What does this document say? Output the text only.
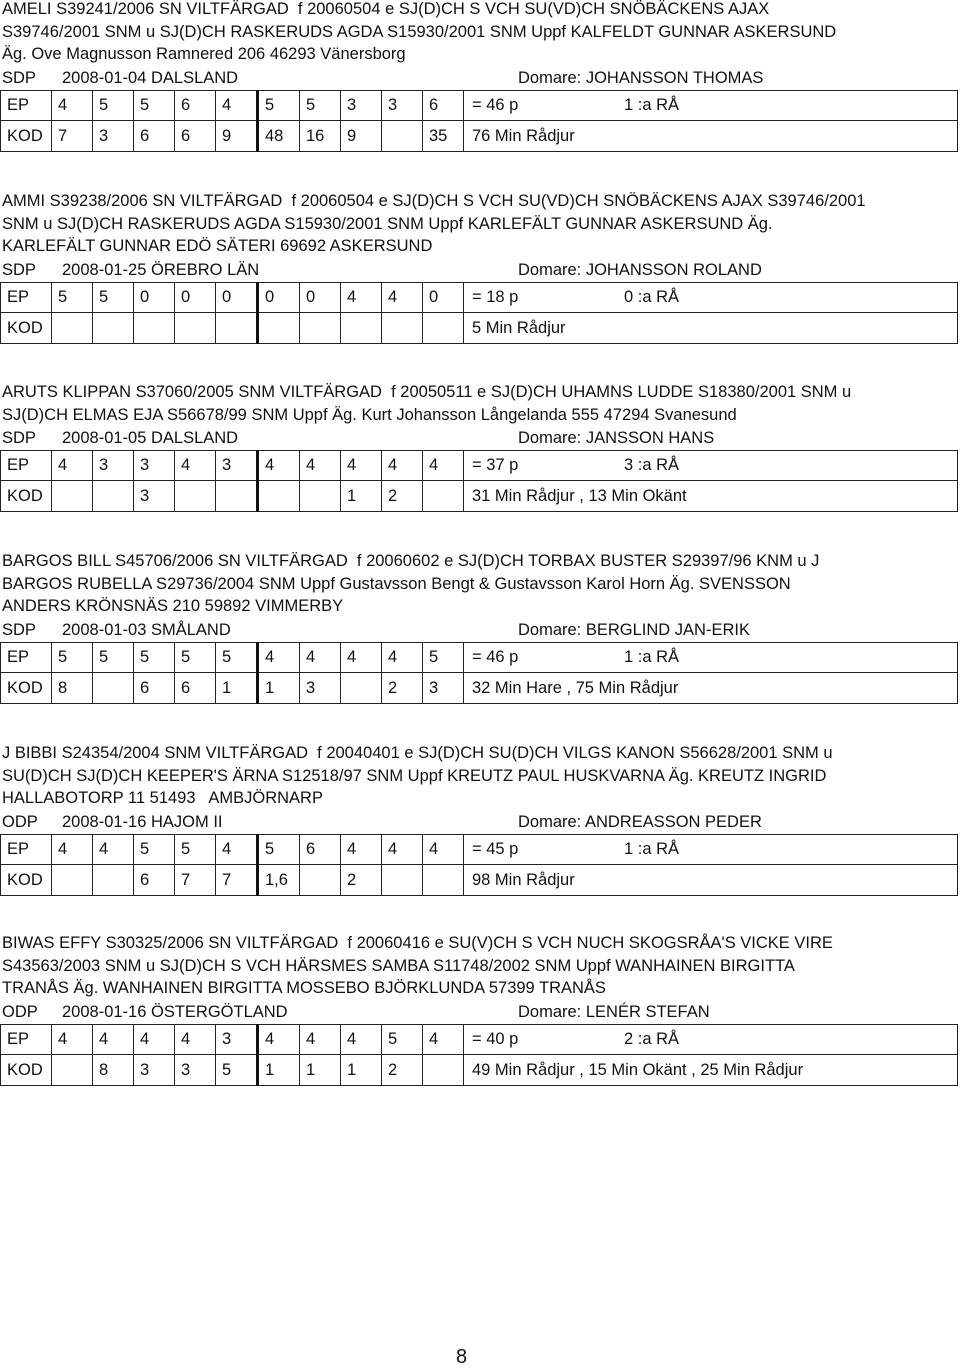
AMELI S39241/2006 SN VILTFÄRGAD  f 20060504 e SJ(D)CH S VCH SU(VD)CH SNÖBÄCKENS AJAX
S39746/2001 SNM u SJ(D)CH RASKERUDS AGDA S15930/2001 SNM Uppf KALFELDT GUNNAR ASKERSUND
Äg. Ove Magnusson Ramnered 206 46293 Vänersborg
SDP 2008-01-04 DALSLAND	Domare: JOHANSSON THOMAS
EP	4	5	5	6	4	5	5	3	3	6	= 46 p 1 :a RÅ
KOD	7	3	6	6	9	48	16	9		35	76 Min Rådjur
AMMI S39238/2006 SN VILTFÄRGAD  f 20060504 e SJ(D)CH S VCH SU(VD)CH SNÖBÄCKENS AJAX S39746/2001
SNM u SJ(D)CH RASKERUDS AGDA S15930/2001 SNM Uppf KARLEFÄLT GUNNAR ASKERSUND Äg.
KARLEFÄLT GUNNAR EDÖ SÄTERI 69692 ASKERSUND
SDP 2008-01-25 ÖREBRO LÄN	Domare: JOHANSSON ROLAND
EP	5	5	0	0	0	0	0	4	4	0	= 18 p 0 :a RÅ
KOD											5 Min Rådjur
ARUTS KLIPPAN S37060/2005 SNM VILTFÄRGAD  f 20050511 e SJ(D)CH UHAMNS LUDDE S18380/2001 SNM u
SJ(D)CH ELMAS EJA S56678/99 SNM Uppf Äg. Kurt Johansson Långelanda 555 47294 Svanesund
SDP 2008-01-05 DALSLAND	Domare: JANSSON HANS
EP	4	3	3	4	3	4	4	4	4	4	= 37 p 3 :a RÅ
KOD			3					1	2		31 Min Rådjur , 13 Min Okänt
BARGOS BILL S45706/2006 SN VILTFÄRGAD  f 20060602 e SJ(D)CH TORBAX BUSTER S29397/96 KNM u J
BARGOS RUBELLA S29736/2004 SNM Uppf Gustavsson Bengt & Gustavsson Karol Horn Äg. SVENSSON
ANDERS KRÖNSNÄS 210 59892 VIMMERBY
SDP 2008-01-03 SMÅLAND	Domare: BERGLIND JAN-ERIK
EP	5	5	5	5	5	4	4	4	4	5	= 46 p 1 :a RÅ
KOD	8		6	6	1	1	3		2	3	32 Min Hare , 75 Min Rådjur
J BIBBI S24354/2004 SNM VILTFÄRGAD  f 20040401 e SJ(D)CH SU(D)CH VILGS KANON S56628/2001 SNM u
SU(D)CH SJ(D)CH KEEPER'S ÄRNA S12518/97 SNM Uppf KREUTZ PAUL HUSKVARNA Äg. KREUTZ INGRID
HALLABOTORP 11 51493   AMBJÖRNARP
ODP 2008-01-16 HAJOM II	Domare: ANDREASSON PEDER
EP	4	4	5	5	4	5	6	4	4	4	= 45 p 1 :a RÅ
KOD			6	7	7	1,6		2			98 Min Rådjur
BIWAS EFFY S30325/2006 SN VILTFÄRGAD  f 20060416 e SU(V)CH S VCH NUCH SKOGSRÅA'S VICKE VIRE
S43563/2003 SNM u SJ(D)CH S VCH HÄRSMES SAMBA S11748/2002 SNM Uppf WANHAINEN BIRGITTA
TRANÅS Äg. WANHAINEN BIRGITTA MOSSEBO BJÖRKLUNDA 57399 TRANÅS
ODP 2008-01-16 ÖSTERGÖTLAND	Domare: LENÉR STEFAN
EP	4	4	4	4	3	4	4	4	5	4	= 40 p 2 :a RÅ
KOD		8	3	3	5	1	1	1	2		49 Min Rådjur , 15 Min Okänt , 25 Min Rådjur
8
